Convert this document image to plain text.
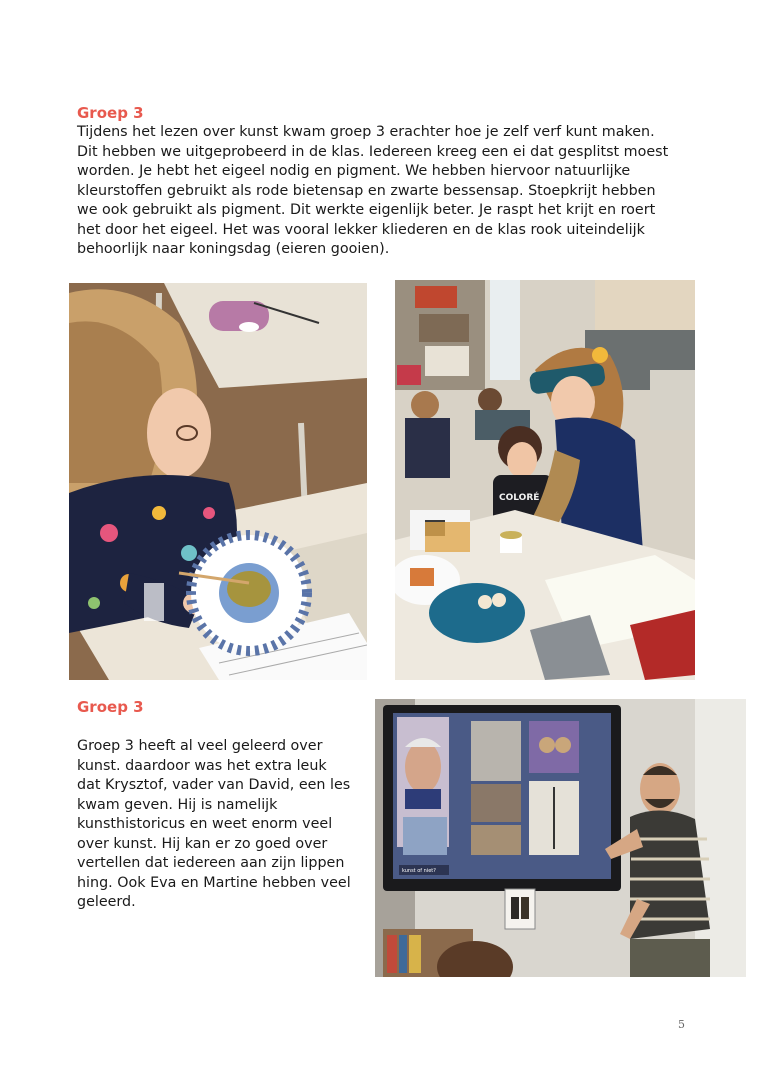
Groep 3

Tijdens het lezen over kunst kwam groep 3 erachter hoe je zelf verf kunt maken.
Dit hebben we uitgeprobeerd in de klas. Iedereen kreeg een ei dat gesplitst moest
worden. Je hebt het eigeel nodig en pigment. We hebben hiervoor natuurlijke
kleurstoffen gebruikt als rode bietensap en zwarte bessensap. Stoepkrijt hebben
we ook gebruikt als pigment. Dit werkte eigenlijk beter. Je raspt het krijt en roert
het door het eigeel. Het was vooral lekker kliederen en de klas rook uiteindelijk
behoorlijk naar koningsdag (eieren gooien).

COLORÉ
Groep 3

Groep 3 heeft al veel geleerd over
kunst. daardoor was het extra leuk
dat Krysztof, vader van David, een les
kwam geven. Hij is namelijk
kunsthistoricus en weet enorm veel
over kunst. Hij kan er zo goed over
vertellen dat iedereen aan zijn lippen
hing. Ook Eva en Martine hebben veel
geleerd.

kunst of niet?
5
